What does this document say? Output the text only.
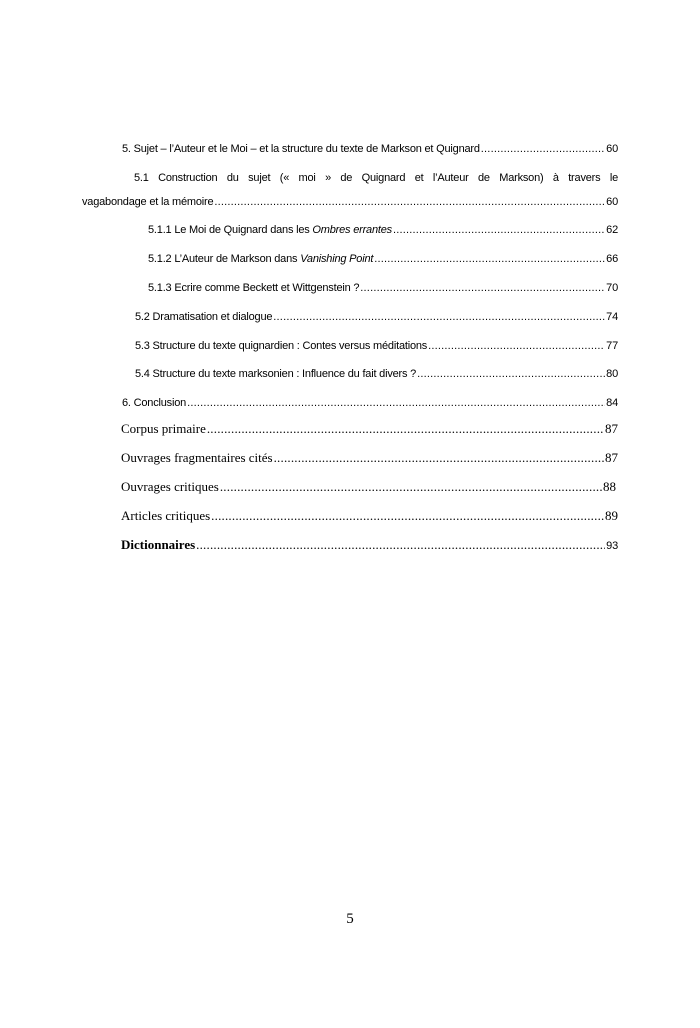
5. Sujet – l’Auteur et le Moi – et la structure du texte de Markson et Quignard .....	60
5.1 Construction du sujet (« moi » de Quignard et l’Auteur de Markson) à travers le
vagabondage et la mémoire .....	60
5.1.1 Le Moi de Quignard dans les Ombres errantes .....	62
5.1.2 L’Auteur de Markson dans Vanishing Point .....	66
5.1.3 Ecrire comme Beckett et Wittgenstein ? .....	70
5.2 Dramatisation et dialogue .....	74
5.3 Structure du texte quignardien : Contes versus méditations .....	77
5.4 Structure du texte marksonien : Influence du fait divers ? .....	80
6. Conclusion .....	84
Corpus primaire .....	87
Ouvrages fragmentaires cités .....	87
Ouvrages critiques .....	88
Articles critiques .....	89
Dictionnaires .....	93
5
